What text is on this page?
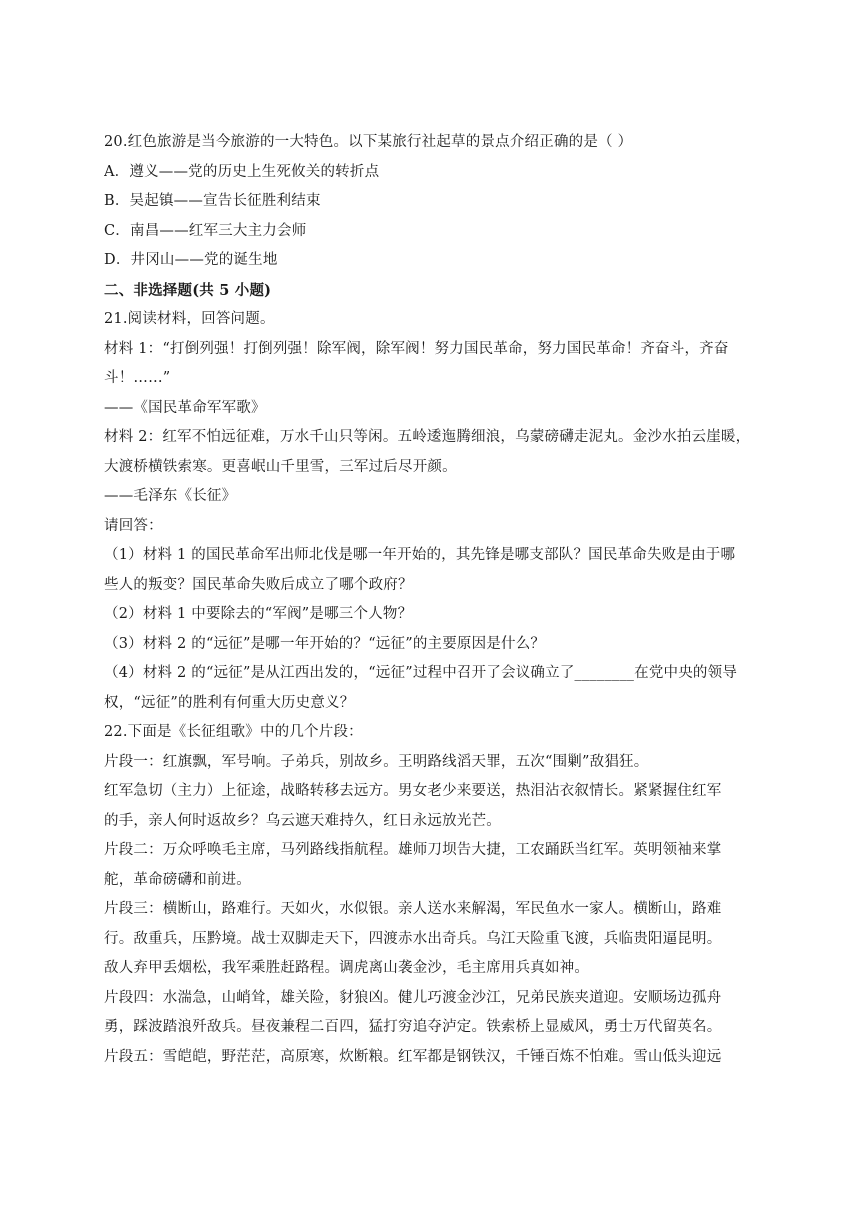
20.红色旅游是当今旅游的一大特色。以下某旅行社起草的景点介绍正确的是（ ）
A．遵义——党的历史上生死攸关的转折点
B．吴起镇——宣告长征胜利结束
C．南昌——红军三大主力会师
D．井冈山——党的诞生地
二、非选择题(共 5 小题)
21.阅读材料，回答问题。
材料 1：“打倒列强！打倒列强！除军阀，除军阀！努力国民革命，努力国民革命！齐奋斗，齐奋
斗！……”
——《国民革命军军歌》
材料 2：红军不怕远征难，万水千山只等闲。五岭逶迤腾细浪，乌蒙磅礴走泥丸。金沙水拍云崖暖，
大渡桥横铁索寒。更喜岷山千里雪，三军过后尽开颜。
——毛泽东《长征》
请回答：
（1）材料 1 的国民革命军出师北伐是哪一年开始的，其先锋是哪支部队？国民革命失败是由于哪
些人的叛变？国民革命失败后成立了哪个政府？
（2）材料 1 中要除去的“军阀”是哪三个人物？
（3）材料 2 的“远征”是哪一年开始的？“远征”的主要原因是什么？
（4）材料 2 的“远征”是从江西出发的，“远征”过程中召开了会议确立了________在党中央的领导
权，“远征”的胜利有何重大历史意义？
22.下面是《长征组歌》中的几个片段：
片段一：红旗飘，军号响。子弟兵，别故乡。王明路线滔天罪，五次“围剿”敌猖狂。
红军急切（主力）上征途，战略转移去远方。男女老少来要送，热泪沾衣叙情长。紧紧握住红军
的手，亲人何时返故乡？乌云遮天难持久，红日永远放光芒。
片段二：万众呼唤毛主席，马列路线指航程。雄师刀坝告大捷，工农踊跃当红军。英明领袖来掌
舵，革命磅礴和前进。
片段三：横断山，路难行。天如火，水似银。亲人送水来解渴，军民鱼水一家人。横断山，路难
行。敌重兵，压黔境。战士双脚走天下，四渡赤水出奇兵。乌江天险重飞渡，兵临贵阳逼昆明。
敌人弃甲丢烟松，我军乘胜赶路程。调虎离山袭金沙，毛主席用兵真如神。
片段四：水湍急，山峭耸，雄关险，豺狼凶。健儿巧渡金沙江，兄弟民族夹道迎。安顺场边孤舟
勇，踩波踏浪歼敌兵。昼夜兼程二百四，猛打穷追夺泸定。铁索桥上显威风，勇士万代留英名。
片段五：雪皑皑，野茫茫，高原寒，炊断粮。红军都是钢铁汉，千锤百炼不怕难。雪山低头迎远
